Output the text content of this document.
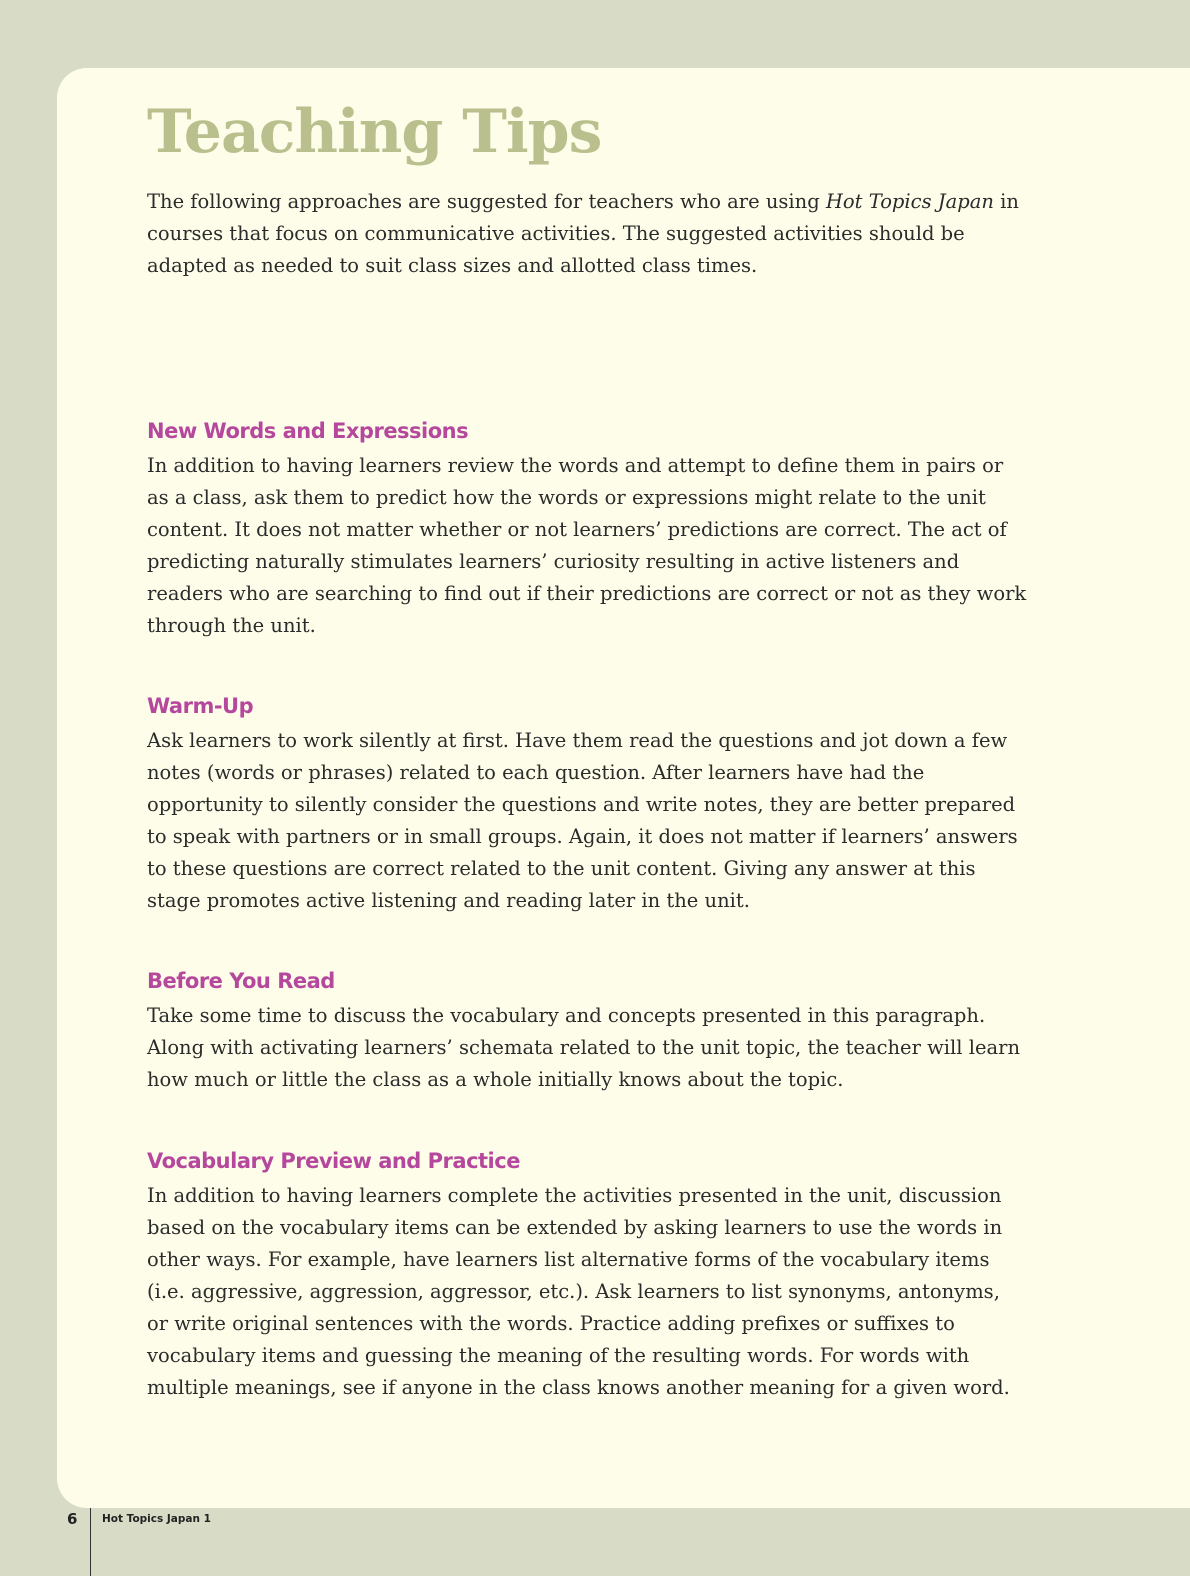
Teaching Tips

The following approaches are suggested for teachers who are using Hot Topics Japan in courses that focus on communicative activities. The suggested activities should be adapted as needed to suit class sizes and allotted class times.

New Words and Expressions

In addition to having learners review the words and attempt to define them in pairs or as a class, ask them to predict how the words or expressions might relate to the unit content. It does not matter whether or not learners’ predictions are correct. The act of predicting naturally stimulates learners’ curiosity resulting in active listeners and readers who are searching to find out if their predictions are correct or not as they work through the unit.

Warm-Up

Ask learners to work silently at first. Have them read the questions and jot down a few notes (words or phrases) related to each question. After learners have had the opportunity to silently consider the questions and write notes, they are better prepared to speak with partners or in small groups. Again, it does not matter if learners’ answers to these questions are correct related to the unit content. Giving any answer at this stage promotes active listening and reading later in the unit.

Before You Read

Take some time to discuss the vocabulary and concepts presented in this paragraph. Along with activating learners’ schemata related to the unit topic, the teacher will learn how much or little the class as a whole initially knows about the topic.

Vocabulary Preview and Practice

In addition to having learners complete the activities presented in the unit, discussion based on the vocabulary items can be extended by asking learners to use the words in other ways. For example, have learners list alternative forms of the vocabulary items (i.e. aggressive, aggression, aggressor, etc.). Ask learners to list synonyms, antonyms, or write original sentences with the words. Practice adding prefixes or suffixes to vocabulary items and guessing the meaning of the resulting words. For words with multiple meanings, see if anyone in the class knows another meaning for a given word.

6 Hot Topics Japan 1
